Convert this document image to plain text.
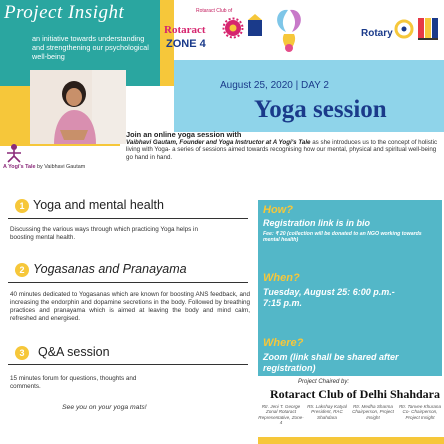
Project Insight
an initiative towards understanding and strengthening our psychological well-being
Rotaract Club of
Rotaract
ZONE 4
Rotary
August 25, 2020 | DAY 2
Yoga session
A Yogi's Tale by Vaibhavi Gautam
Join an online yoga session with
Vaibhavi Gautam, Founder and Yoga Instructor at A Yogi's Tale as she introduces us to the concept of holistic living with Yoga- a series of sessions aimed towards recognising how our mental, physical and spiritual well-being go hand in hand.
1 Yoga and mental health
Discussing the various ways through which practicing Yoga helps in boosting mental health.
2 Yogasanas and Pranayama
40 minutes dedicated to Yogasanas which are known for boosting ANS feedback, and increasing the endorphin and dopamine secretions in the body. Followed by breathing practices and pranayama which is aimed at leaving the body and mind calm, refreshed and energised.
3	Q&A session
15 minutes forum for questions, thoughts and comments.
See you on your yoga mats!
How?
Registration link is in bio
Fee: ₹ 20 (collection will be donated to an NGO working towards mental health)
When?
Tuesday, August 25: 6:00 p.m.- 7:15 p.m.
Where?
Zoom (link shall be shared after registration)
Project Chaired by:
Rotaract Club of Delhi Shahdara
Rtr. Jeni T. George
Zonal Rotaract Representative, Zone-4
Rtr. Lakshay Katyal
President, RAC Shahdara
Rtr. Medha Sharma
Chairperson, Project Insight
Rtr. Tanvee Khurana
Co- Chairperson, Project Insight
